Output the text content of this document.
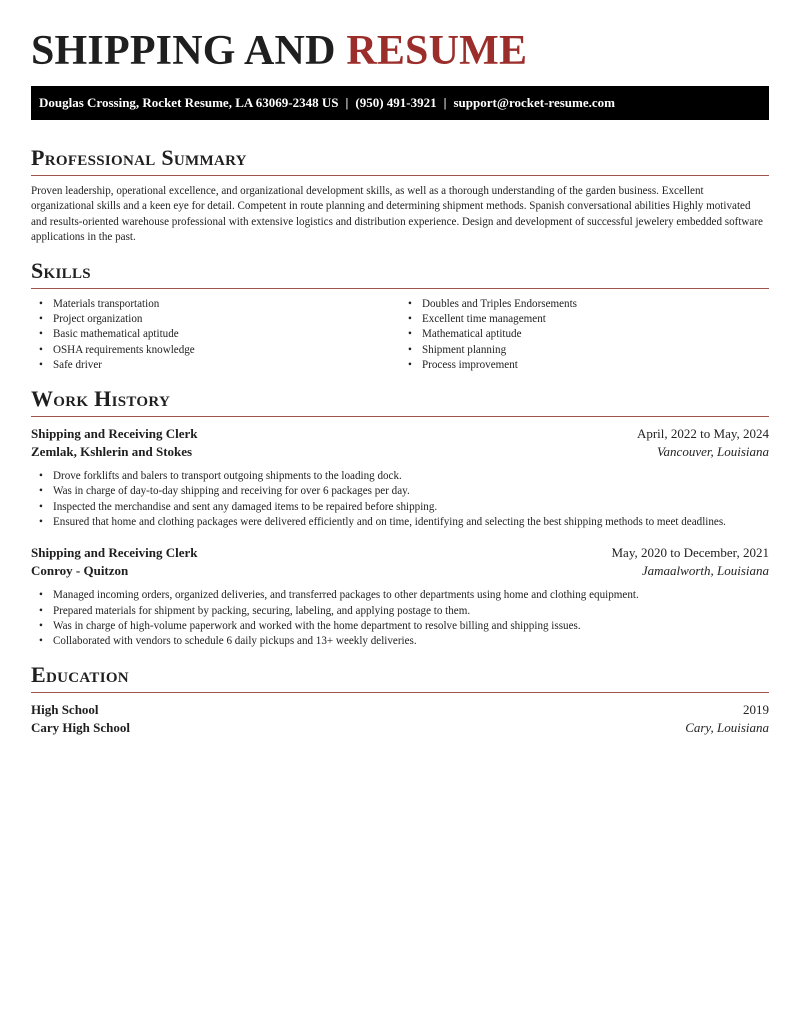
SHIPPING AND RESUME
Douglas Crossing, Rocket Resume, LA 63069-2348 US | (950) 491-3921 | support@rocket-resume.com
Professional Summary

Proven leadership, operational excellence, and organizational development skills, as well as a thorough understanding of the garden business. Excellent organizational skills and a keen eye for detail. Competent in route planning and determining shipment methods. Spanish conversational abilities Highly motivated and results-oriented warehouse professional with extensive logistics and distribution experience. Design and development of successful jewelery embedded software applications in the past.

Skills
• Materials transportation
• Project organization
• Basic mathematical aptitude
• OSHA requirements knowledge
• Safe driver
• Doubles and Triples Endorsements
• Excellent time management
• Mathematical aptitude
• Shipment planning
• Process improvement
Work History
Shipping and Receiving Clerk	April, 2022 to May, 2024
Zemlak, Kshlerin and Stokes	Vancouver, Louisiana
• Drove forklifts and balers to transport outgoing shipments to the loading dock.
• Was in charge of day-to-day shipping and receiving for over 6 packages per day.
• Inspected the merchandise and sent any damaged items to be repaired before shipping.
• Ensured that home and clothing packages were delivered efficiently and on time, identifying and selecting the best shipping methods to meet deadlines.
Shipping and Receiving Clerk	May, 2020 to December, 2021
Conroy - Quitzon	Jamaalworth, Louisiana
• Managed incoming orders, organized deliveries, and transferred packages to other departments using home and clothing equipment.
• Prepared materials for shipment by packing, securing, labeling, and applying postage to them.
• Was in charge of high-volume paperwork and worked with the home department to resolve billing and shipping issues.
• Collaborated with vendors to schedule 6 daily pickups and 13+ weekly deliveries.
Education
High School	2019
Cary High School	Cary, Louisiana
